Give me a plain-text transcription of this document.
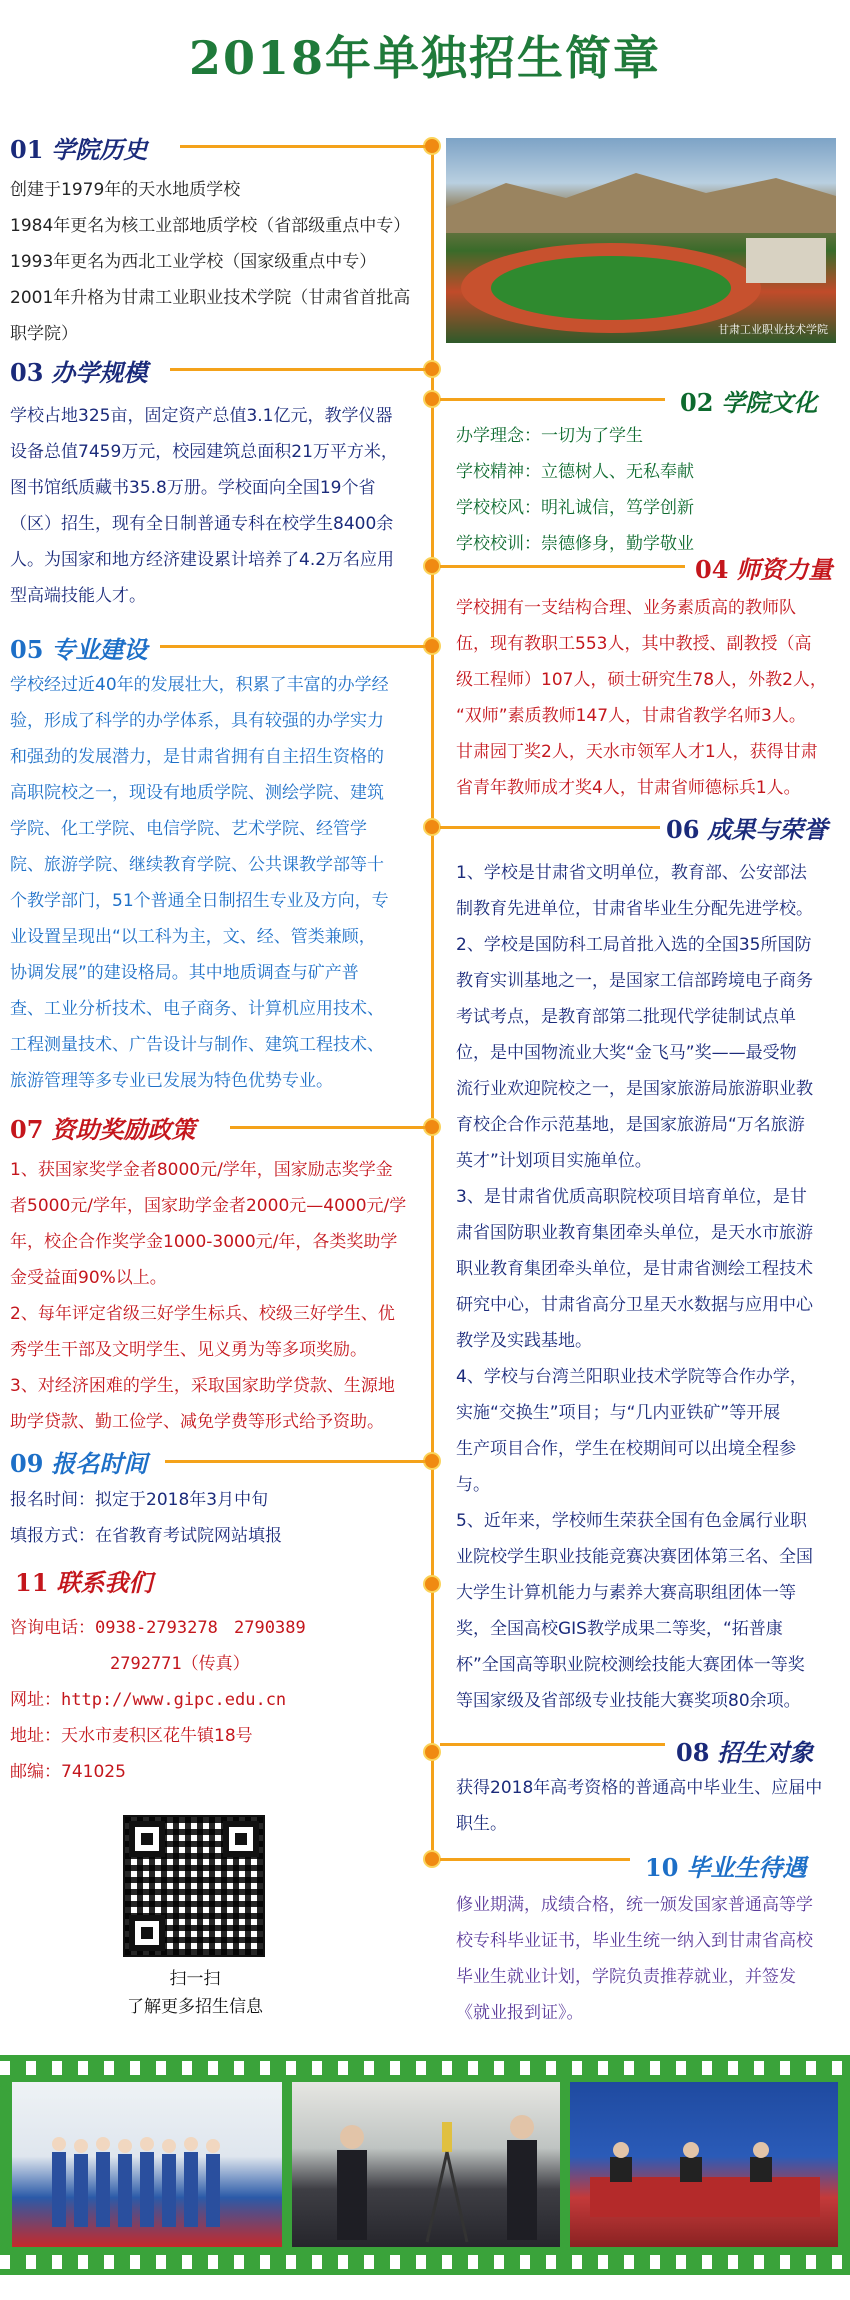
2018年单独招生简章
01 学院历史
创建于1979年的天水地质学校
1984年更名为核工业部地质学校（省部级重点中专）
1993年更名为西北工业学校（国家级重点中专）
2001年升格为甘肃工业职业技术学院（甘肃省首批高
职学院）	甘肃工业职业技术学院
03 办学规模
学校占地325亩，固定资产总值3.1亿元，教学仪器
设备总值7459万元，校园建筑总面积21万平方米，
图书馆纸质藏书35.8万册。学校面向全国19个省
（区）招生，现有全日制普通专科在校学生8400余
人。为国家和地方经济建设累计培养了4.2万名应用
型高端技能人才。
02 学院文化
办学理念：一切为了学生
学校精神：立德树人、无私奉献
学校校风：明礼诚信，笃学创新
学校校训：崇德修身，勤学敬业
04 师资力量
学校拥有一支结构合理、业务素质高的教师队
伍，现有教职工553人，其中教授、副教授（高
级工程师）107人，硕士研究生78人，外教2人，
“双师”素质教师147人，甘肃省教学名师3人。
甘肃园丁奖2人，天水市领军人才1人，获得甘肃
省青年教师成才奖4人，甘肃省师德标兵1人。
05 专业建设
学校经过近40年的发展壮大，积累了丰富的办学经
验，形成了科学的办学体系，具有较强的办学实力
和强劲的发展潜力，是甘肃省拥有自主招生资格的
高职院校之一，现设有地质学院、测绘学院、建筑
学院、化工学院、电信学院、艺术学院、经管学
院、旅游学院、继续教育学院、公共课教学部等十
个教学部门，51个普通全日制招生专业及方向，专
业设置呈现出“以工科为主，文、经、管类兼顾，
协调发展”的建设格局。其中地质调查与矿产普
查、工业分析技术、电子商务、计算机应用技术、
工程测量技术、广告设计与制作、建筑工程技术、
旅游管理等多专业已发展为特色优势专业。
06 成果与荣誉
1、学校是甘肃省文明单位，教育部、公安部法
制教育先进单位，甘肃省毕业生分配先进学校。
2、学校是国防科工局首批入选的全国35所国防
教育实训基地之一，是国家工信部跨境电子商务
考试考点，是教育部第二批现代学徒制试点单
位，是中国物流业大奖“金飞马”奖——最受物
流行业欢迎院校之一，是国家旅游局旅游职业教
育校企合作示范基地，是国家旅游局“万名旅游
英才”计划项目实施单位。
3、是甘肃省优质高职院校项目培育单位，是甘
肃省国防职业教育集团牵头单位，是天水市旅游
职业教育集团牵头单位，是甘肃省测绘工程技术
研究中心，甘肃省高分卫星天水数据与应用中心
教学及实践基地。
4、学校与台湾兰阳职业技术学院等合作办学，
实施“交换生”项目；与“几内亚铁矿”等开展
生产项目合作，学生在校期间可以出境全程参
与。
5、近年来，学校师生荣获全国有色金属行业职
业院校学生职业技能竞赛决赛团体第三名、全国
大学生计算机能力与素养大赛高职组团体一等
奖，全国高校GIS教学成果二等奖，“拓普康
杯”全国高等职业院校测绘技能大赛团体一等奖
等国家级及省部级专业技能大赛奖项80余项。
07 资助奖励政策
1、获国家奖学金者8000元/学年，国家励志奖学金
者5000元/学年，国家助学金者2000元—4000元/学
年，校企合作奖学金1000-3000元/年，各类奖助学
金受益面90%以上。
2、每年评定省级三好学生标兵、校级三好学生、优
秀学生干部及文明学生、见义勇为等多项奖励。
3、对经济困难的学生，采取国家助学贷款、生源地
助学贷款、勤工俭学、减免学费等形式给予资助。
09 报名时间
报名时间：拟定于2018年3月中旬
填报方式：在省教育考试院网站填报
11 联系我们
咨询电话：0938-2793278 2790389
2792771（传真）
网址：http://www.gipc.edu.cn
地址：天水市麦积区花牛镇18号
邮编：741025
扫一扫
了解更多招生信息
08 招生对象
获得2018年高考资格的普通高中毕业生、应届中
职生。
10 毕业生待遇
修业期满，成绩合格，统一颁发国家普通高等学
校专科毕业证书，毕业生统一纳入到甘肃省高校
毕业生就业计划，学院负责推荐就业，并签发
《就业报到证》。
